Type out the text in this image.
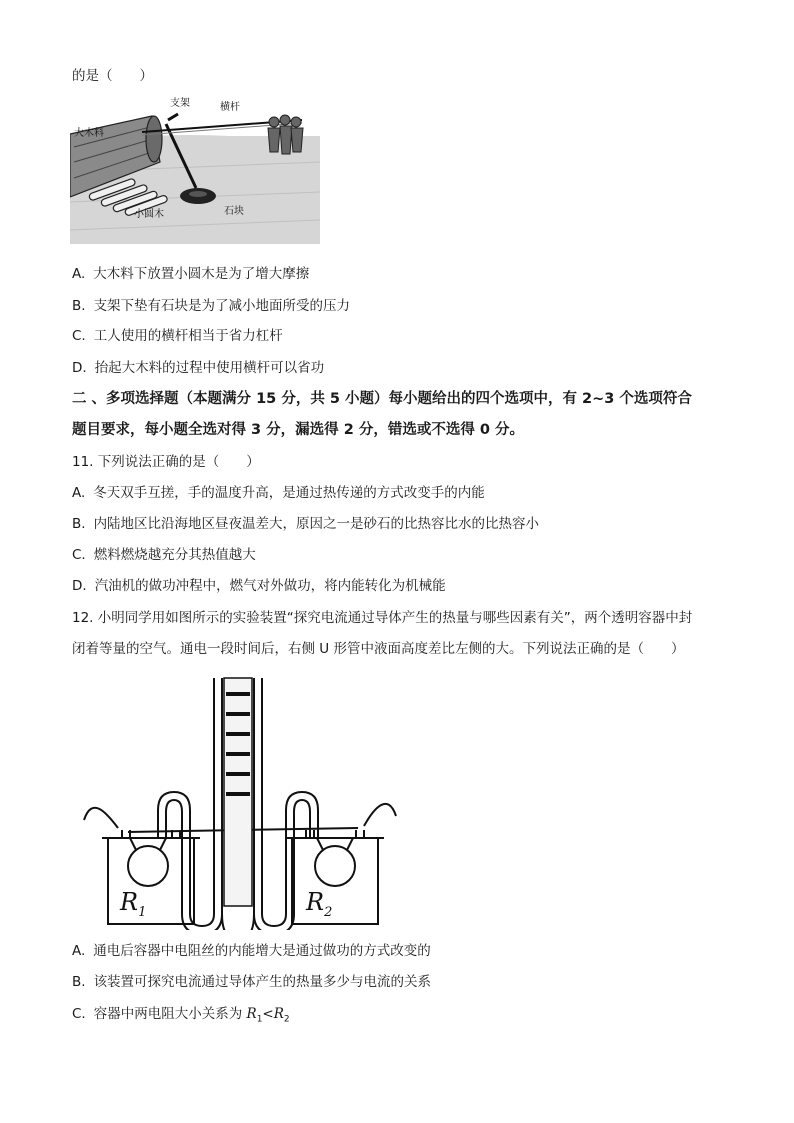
的是（　　）
支架	横杆
大木料
小圆木	石块
A. 大木料下放置小圆木是为了增大摩擦
B. 支架下垫有石块是为了减小地面所受的压力
C. 工人使用的横杆相当于省力杠杆
D. 抬起大木料的过程中使用横杆可以省功
二 、多项选择题（本题满分 15 分，共 5 小题）每小题给出的四个选项中，有 2~3 个选项符合
题目要求，每小题全选对得 3 分，漏选得 2 分，错选或不选得 0 分。
11. 下列说法正确的是（　　）
A. 冬天双手互搓，手的温度升高，是通过热传递的方式改变手的内能
B. 内陆地区比沿海地区昼夜温差大，原因之一是砂石的比热容比水的比热容小
C. 燃料燃烧越充分其热值越大
D. 汽油机的做功冲程中，燃气对外做功，将内能转化为机械能
12. 小明同学用如图所示的实验装置“探究电流通过导体产生的热量与哪些因素有关”，两个透明容器中封
闭着等量的空气。通电一段时间后，右侧 U 形管中液面高度差比左侧的大。下列说法正确的是（　　）
$R_1$	$R_2$
A. 通电后容器中电阻丝的内能增大是通过做功的方式改变的
B. 该装置可探究电流通过导体产生的热量多少与电流的关系
C. 容器中两电阻大小关系为 $R_1<R_2$
